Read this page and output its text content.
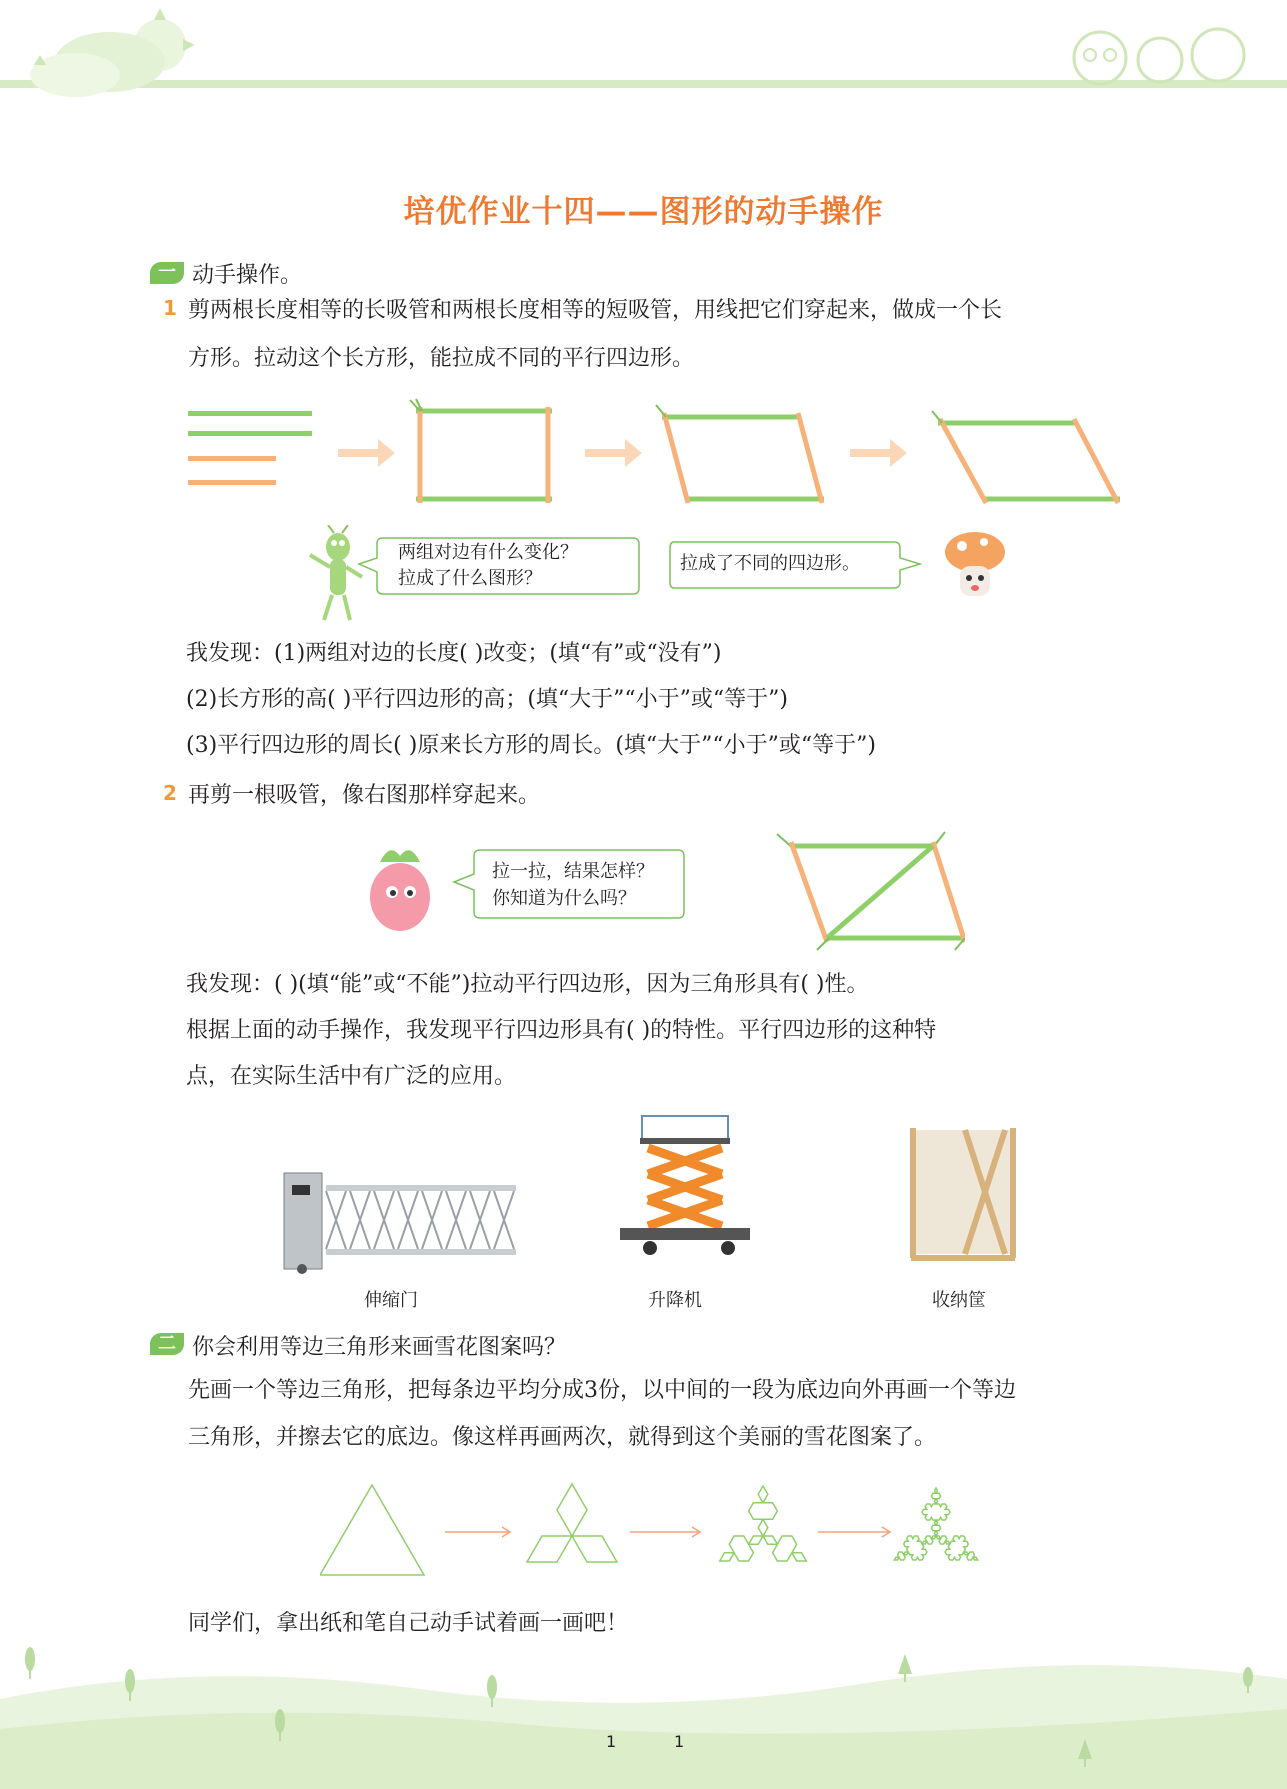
培优作业十四——图形的动手操作
一 动手操作。
1 剪两根长度相等的长吸管和两根长度相等的短吸管，用线把它们穿起来，做成一个长
方形。拉动这个长方形，能拉成不同的平行四边形。
两组对边有什么变化？
拉成了什么图形？
拉成了不同的四边形。
我发现：(1)两组对边的长度( )改变；(填“有”或“没有”)
(2)长方形的高( )平行四边形的高；(填“大于”“小于”或“等于”)
(3)平行四边形的周长( )原来长方形的周长。(填“大于”“小于”或“等于”)
2 再剪一根吸管，像右图那样穿起来。
拉一拉，结果怎样？
你知道为什么吗？
我发现：( )(填“能”或“不能”)拉动平行四边形，因为三角形具有( )性。
根据上面的动手操作，我发现平行四边形具有( )的特性。平行四边形的这种特
点，在实际生活中有广泛的应用。
伸缩门	升降机	收纳筐
二 你会利用等边三角形来画雪花图案吗？
先画一个等边三角形，把每条边平均分成3份，以中间的一段为底边向外再画一个等边
三角形，并擦去它的底边。像这样再画两次，就得到这个美丽的雪花图案了。
同学们，拿出纸和笔自己动手试着画一画吧！
1	1
